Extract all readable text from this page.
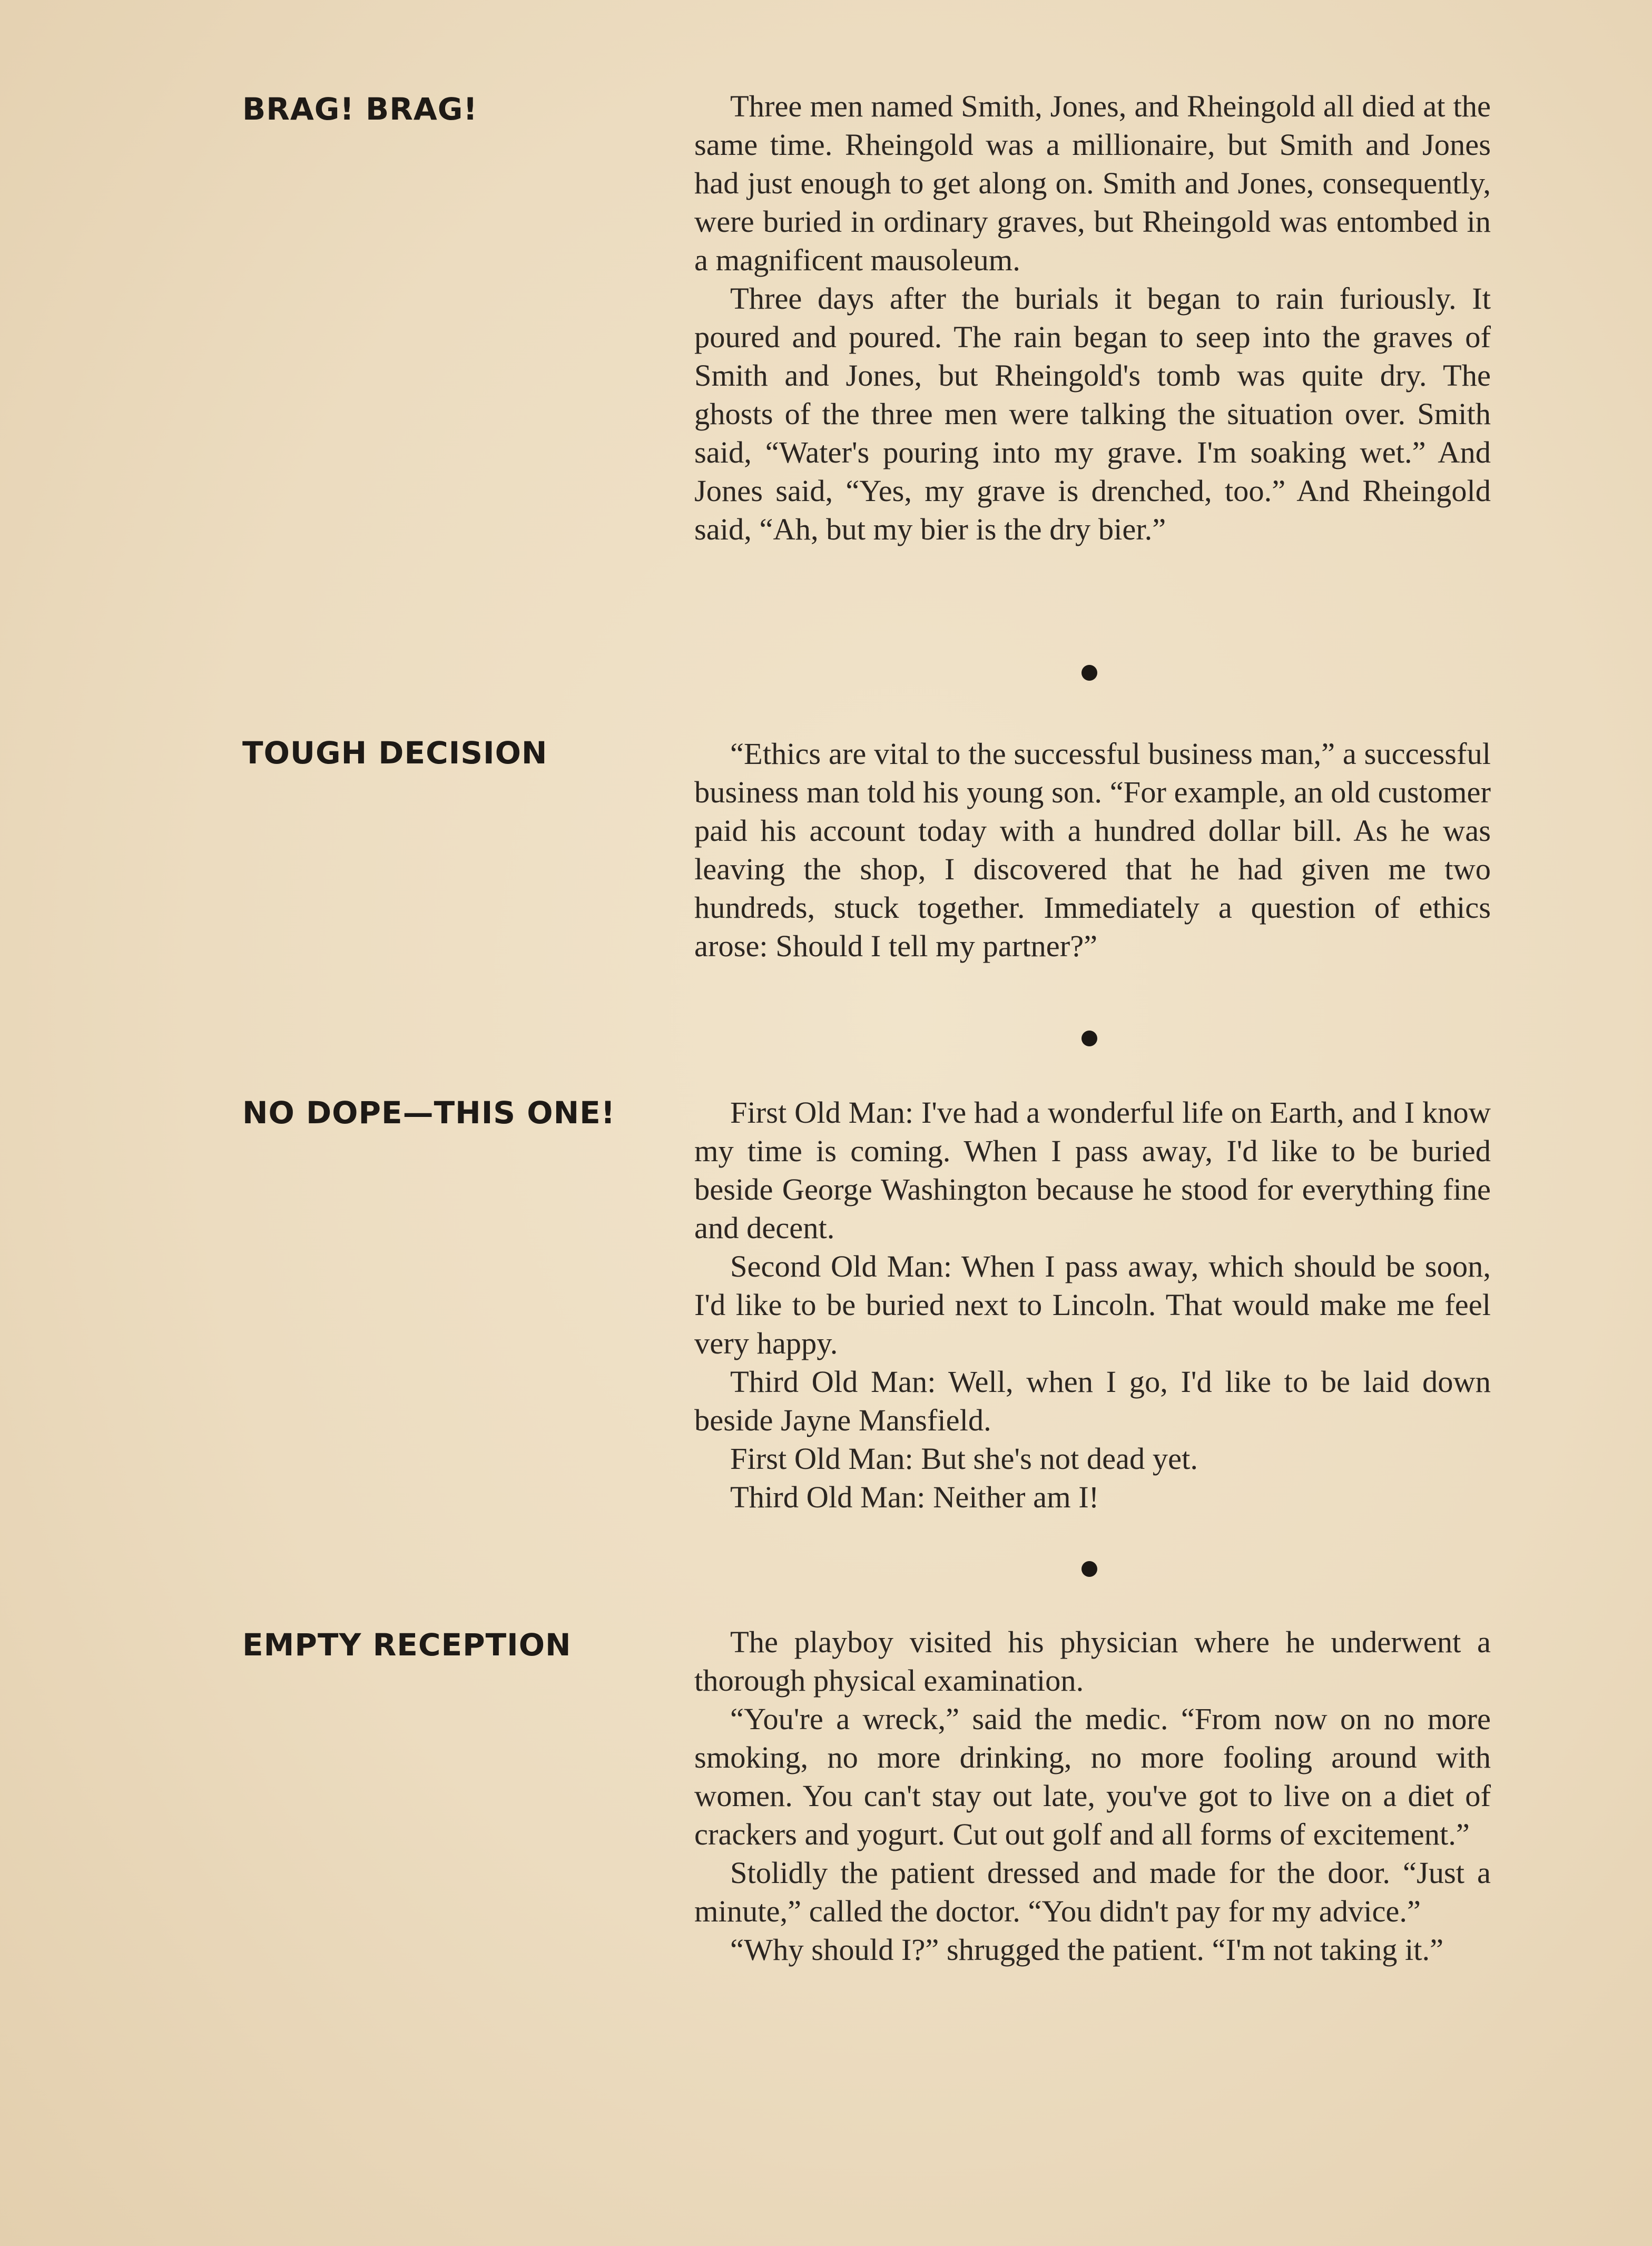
BRAG! BRAG!	Three men named Smith, Jones, and Rheingold all died at the same time. Rheingold was a millionaire, but Smith and Jones had just enough to get along on. Smith and Jones, consequently, were buried in ordinary graves, but Rheingold was entombed in a magnificent mausoleum.

Three days after the burials it began to rain furiously. It poured and poured. The rain began to seep into the graves of Smith and Jones, but Rheingold's tomb was quite dry. The ghosts of the three men were talking the situation over. Smith said, “Water's pouring into my grave. I'm soaking wet.” And Jones said, “Yes, my grave is drenched, too.” And Rheingold said, “Ah, but my bier is the dry bier.”

TOUGH DECISION	“Ethics are vital to the successful business man,” a successful business man told his young son. “For example, an old customer paid his account today with a hundred dollar bill. As he was leaving the shop, I discovered that he had given me two hundreds, stuck together. Immediately a question of ethics arose: Should I tell my partner?”

NO DOPE—THIS ONE!	First Old Man: I've had a wonderful life on Earth, and I know my time is coming. When I pass away, I'd like to be buried beside George Washington because he stood for everything fine and decent.

Second Old Man: When I pass away, which should be soon, I'd like to be buried next to Lincoln. That would make me feel very happy.

Third Old Man: Well, when I go, I'd like to be laid down beside Jayne Mansfield.

First Old Man: But she's not dead yet.

Third Old Man: Neither am I!

EMPTY RECEPTION	The playboy visited his physician where he underwent a thorough physical examination.

“You're a wreck,” said the medic. “From now on no more smoking, no more drinking, no more fooling around with women. You can't stay out late, you've got to live on a diet of crackers and yogurt. Cut out golf and all forms of excitement.”

Stolidly the patient dressed and made for the door. “Just a minute,” called the doctor. “You didn't pay for my advice.”

“Why should I?” shrugged the patient. “I'm not taking it.”
